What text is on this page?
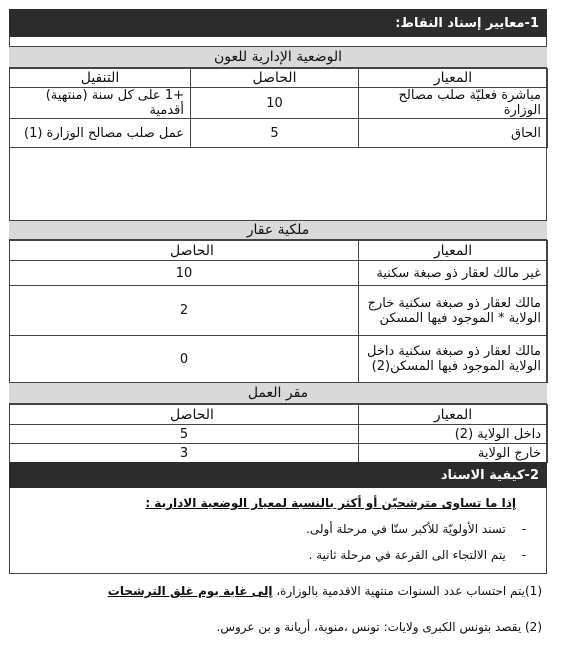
1-معايير إسناد النقاط:
الوضعية الإدارية للعون
المعيار	الحاصل	التنفيل
مباشرة فعليّة صلب مصالح الوزارة	10	+1 على كل سنة (منتهية) أقدمية
الحاق	5	عمل صلب مصالح الوزارة (1)
ملكية عقار
المعيار	الحاصل
غير مالك لعقار ذو صبغة سكنية	10
مالك لعقار ذو صبغة سكنية خارج الولاية * الموجود فيها المسكن	2
مالك لعقار ذو صبغة سكنية داخل الولاية الموجود فيها المسكن(2)	0
مقر العمل
المعيار	الحاصل
داخل الولاية (2)	5
خارج الولاية	3
2-كيفية الاسناد
إذا ما تساوى مترشحيّن أو أكثر بالنسبة لمعيار الوضعية الادارية :
- تسند الأولويّة للأكبر سنّا في مرحلة أولى.
- يتم الالتجاء الى القرعة في مرحلة ثانية .
(1)يتم احتساب عدد السنوات منتهية الاقدمية بالوزارة، إلى غاية يوم غلق الترشحات
(2) يقصد بتونس الكبرى ولايات: تونس ،منوبة، أريانة و بن عروس.
